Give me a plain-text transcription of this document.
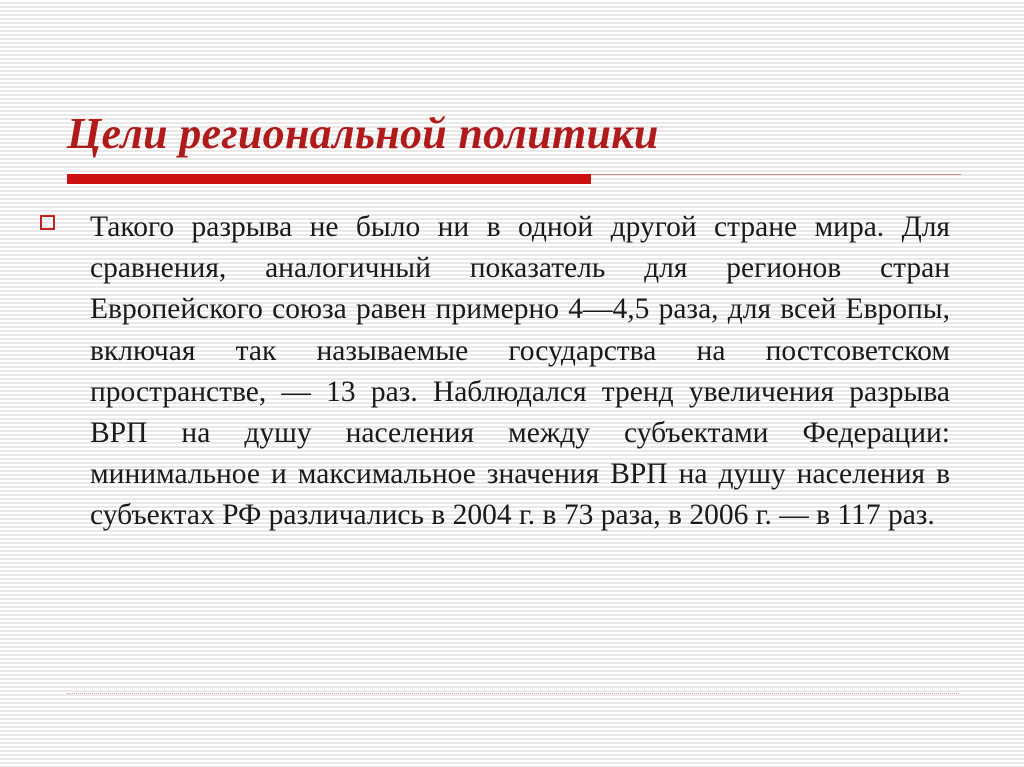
Цели региональной политики

Такого разрыва не было ни в одной другой стране мира. Для сравнения, аналогичный показатель для регионов стран Европейского союза равен примерно 4—4,5 раза, для всей Европы, включая так называемые государства на постсоветском пространстве, — 13 раз. Наблюдался тренд увеличения разрыва ВРП на душу населения между субъектами Федерации: минимальное и максимальное значения ВРП на душу населения в субъектах РФ различались в 2004 г. в 73 раза, в 2006 г. — в 117 раз.
